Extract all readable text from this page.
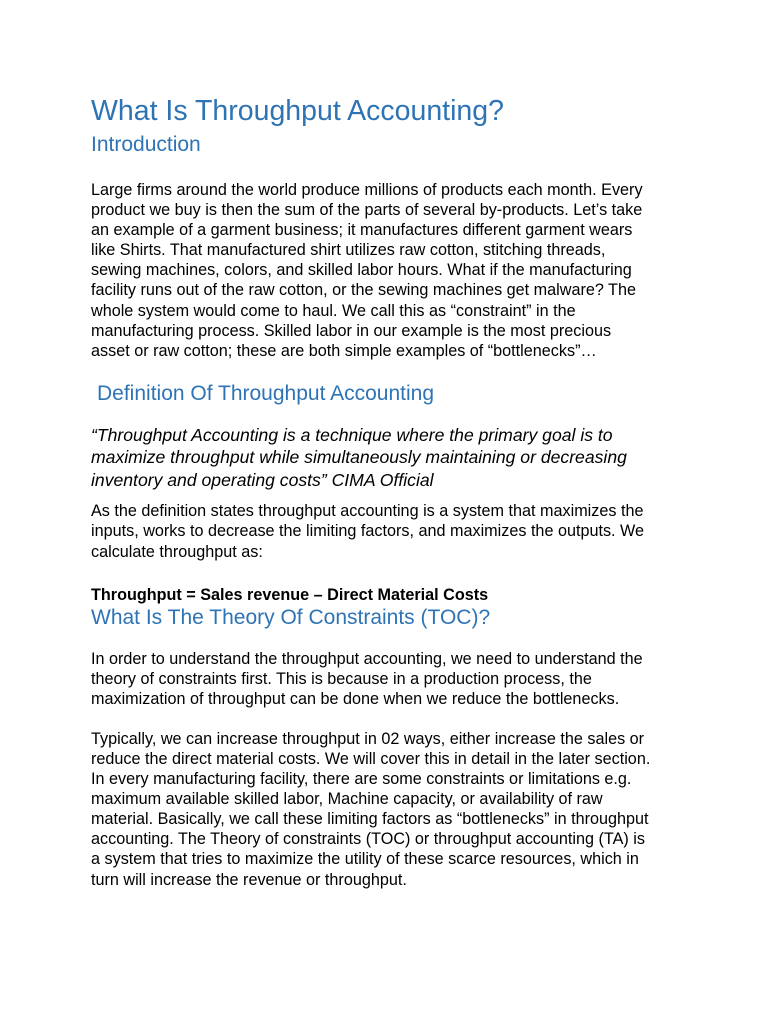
What Is Throughput Accounting?
Introduction
Large firms around the world produce millions of products each month. Every
product we buy is then the sum of the parts of several by-products. Let’s take
an example of a garment business; it manufactures different garment wears
like Shirts. That manufactured shirt utilizes raw cotton, stitching threads,
sewing machines, colors, and skilled labor hours. What if the manufacturing
facility runs out of the raw cotton, or the sewing machines get malware? The
whole system would come to haul. We call this as “constraint” in the
manufacturing process. Skilled labor in our example is the most precious
asset or raw cotton; these are both simple examples of “bottlenecks”…
Definition Of Throughput Accounting
“Throughput Accounting is a technique where the primary goal is to
maximize throughput while simultaneously maintaining or decreasing
inventory and operating costs” CIMA Official
As the definition states throughput accounting is a system that maximizes the
inputs, works to decrease the limiting factors, and maximizes the outputs. We
calculate throughput as:
Throughput = Sales revenue – Direct Material Costs
What Is The Theory Of Constraints (TOC)?
In order to understand the throughput accounting, we need to understand the
theory of constraints first. This is because in a production process, the
maximization of throughput can be done when we reduce the bottlenecks.
Typically, we can increase throughput in 02 ways, either increase the sales or
reduce the direct material costs. We will cover this in detail in the later section.
In every manufacturing facility, there are some constraints or limitations e.g.
maximum available skilled labor, Machine capacity, or availability of raw
material. Basically, we call these limiting factors as “bottlenecks” in throughput
accounting. The Theory of constraints (TOC) or throughput accounting (TA) is
a system that tries to maximize the utility of these scarce resources, which in
turn will increase the revenue or throughput.
